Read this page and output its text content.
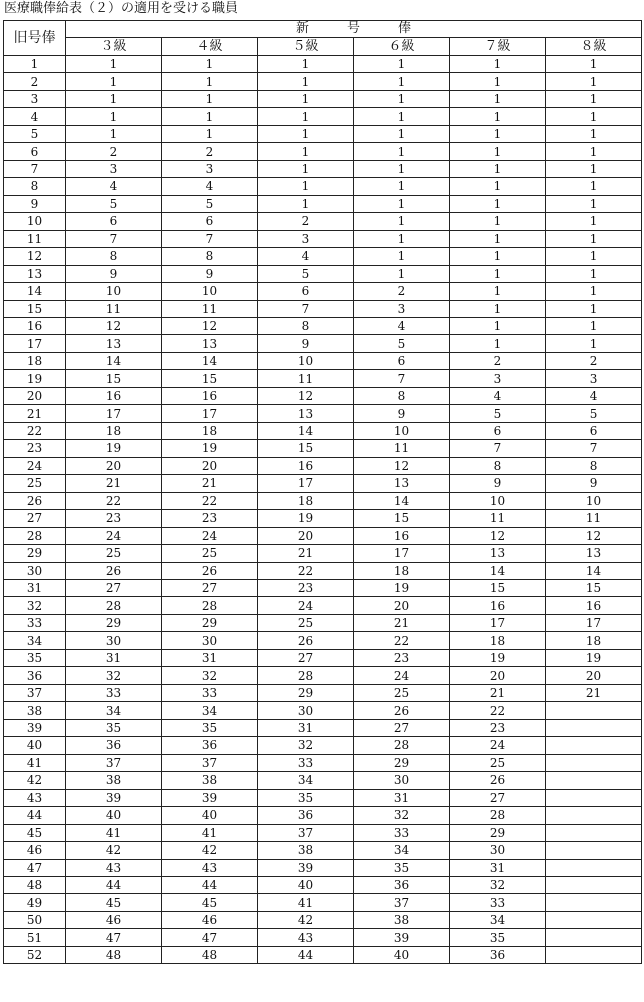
医療職俸給表（２）の適用を受ける職員
旧号俸	新号俸					
	３級	４級	５級	６級	７級	８級
1	1	1	1	1	1	1
2	1	1	1	1	1	1
3	1	1	1	1	1	1
4	1	1	1	1	1	1
5	1	1	1	1	1	1
6	2	2	1	1	1	1
7	3	3	1	1	1	1
8	4	4	1	1	1	1
9	5	5	1	1	1	1
10	6	6	2	1	1	1
11	7	7	3	1	1	1
12	8	8	4	1	1	1
13	9	9	5	1	1	1
14	10	10	6	2	1	1
15	11	11	7	3	1	1
16	12	12	8	4	1	1
17	13	13	9	5	1	1
18	14	14	10	6	2	2
19	15	15	11	7	3	3
20	16	16	12	8	4	4
21	17	17	13	9	5	5
22	18	18	14	10	6	6
23	19	19	15	11	7	7
24	20	20	16	12	8	8
25	21	21	17	13	9	9
26	22	22	18	14	10	10
27	23	23	19	15	11	11
28	24	24	20	16	12	12
29	25	25	21	17	13	13
30	26	26	22	18	14	14
31	27	27	23	19	15	15
32	28	28	24	20	16	16
33	29	29	25	21	17	17
34	30	30	26	22	18	18
35	31	31	27	23	19	19
36	32	32	28	24	20	20
37	33	33	29	25	21	21
38	34	34	30	26	22	
39	35	35	31	27	23	
40	36	36	32	28	24	
41	37	37	33	29	25	
42	38	38	34	30	26	
43	39	39	35	31	27	
44	40	40	36	32	28	
45	41	41	37	33	29	
46	42	42	38	34	30	
47	43	43	39	35	31	
48	44	44	40	36	32	
49	45	45	41	37	33	
50	46	46	42	38	34	
51	47	47	43	39	35	
52	48	48	44	40	36	
